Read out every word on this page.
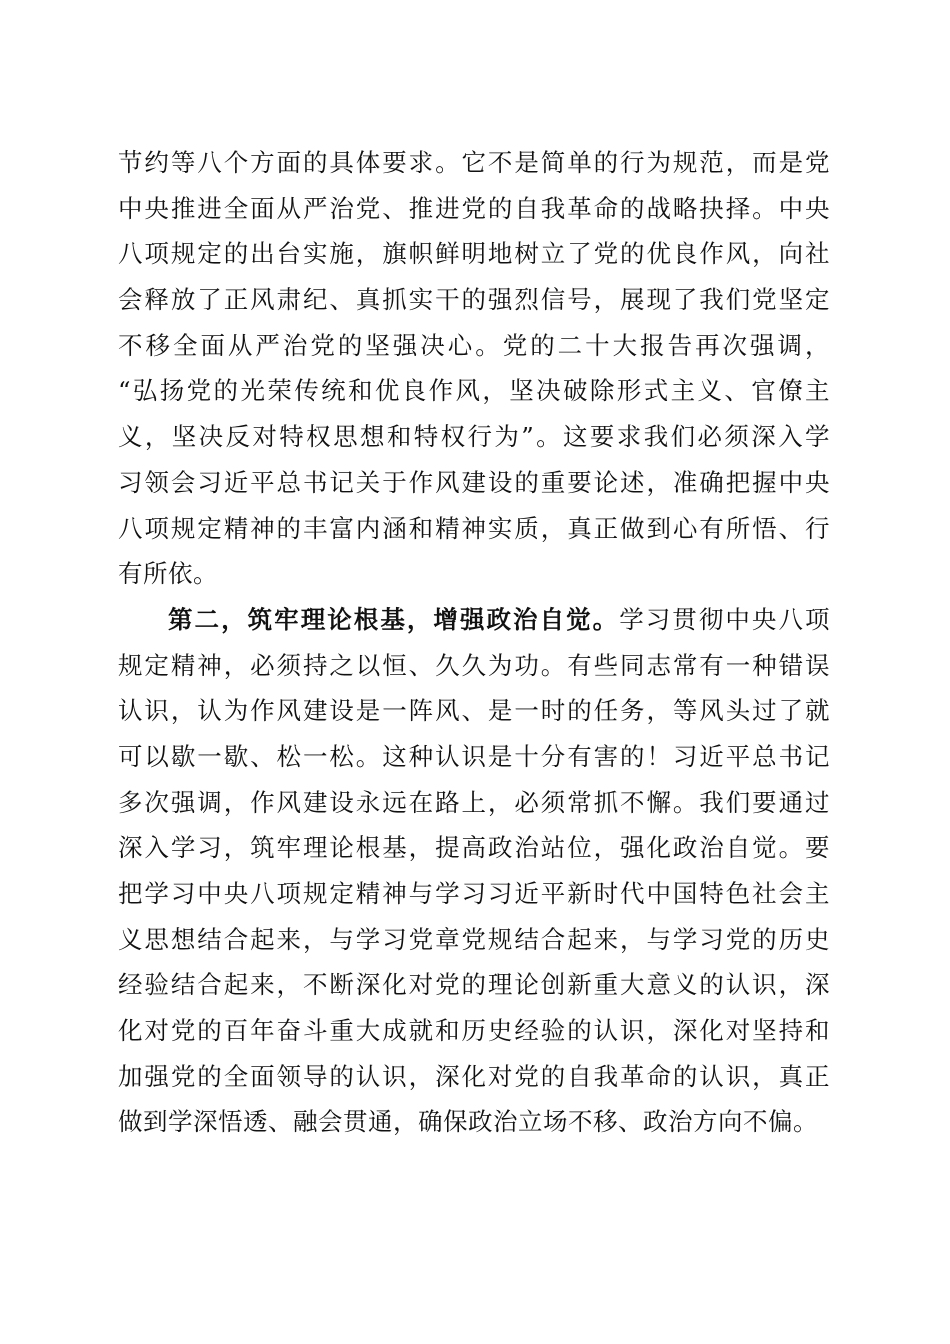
节约等八个方面的具体要求。它不是简单的行为规范，而是党
中央推进全面从严治党、推进党的自我革命的战略抉择。中央
八项规定的出台实施，旗帜鲜明地树立了党的优良作风，向社
会释放了正风肃纪、真抓实干的强烈信号，展现了我们党坚定
不移全面从严治党的坚强决心。党的二十大报告再次强调，
“弘扬党的光荣传统和优良作风，坚决破除形式主义、官僚主
义，坚决反对特权思想和特权行为”。这要求我们必须深入学
习领会习近平总书记关于作风建设的重要论述，准确把握中央
八项规定精神的丰富内涵和精神实质，真正做到心有所悟、行
有所依。
第二，筑牢理论根基，增强政治自觉。学习贯彻中央八项
规定精神，必须持之以恒、久久为功。有些同志常有一种错误
认识，认为作风建设是一阵风、是一时的任务，等风头过了就
可以歇一歇、松一松。这种认识是十分有害的！习近平总书记
多次强调，作风建设永远在路上，必须常抓不懈。我们要通过
深入学习，筑牢理论根基，提高政治站位，强化政治自觉。要
把学习中央八项规定精神与学习习近平新时代中国特色社会主
义思想结合起来，与学习党章党规结合起来，与学习党的历史
经验结合起来，不断深化对党的理论创新重大意义的认识，深
化对党的百年奋斗重大成就和历史经验的认识，深化对坚持和
加强党的全面领导的认识，深化对党的自我革命的认识，真正
做到学深悟透、融会贯通，确保政治立场不移、政治方向不偏。
